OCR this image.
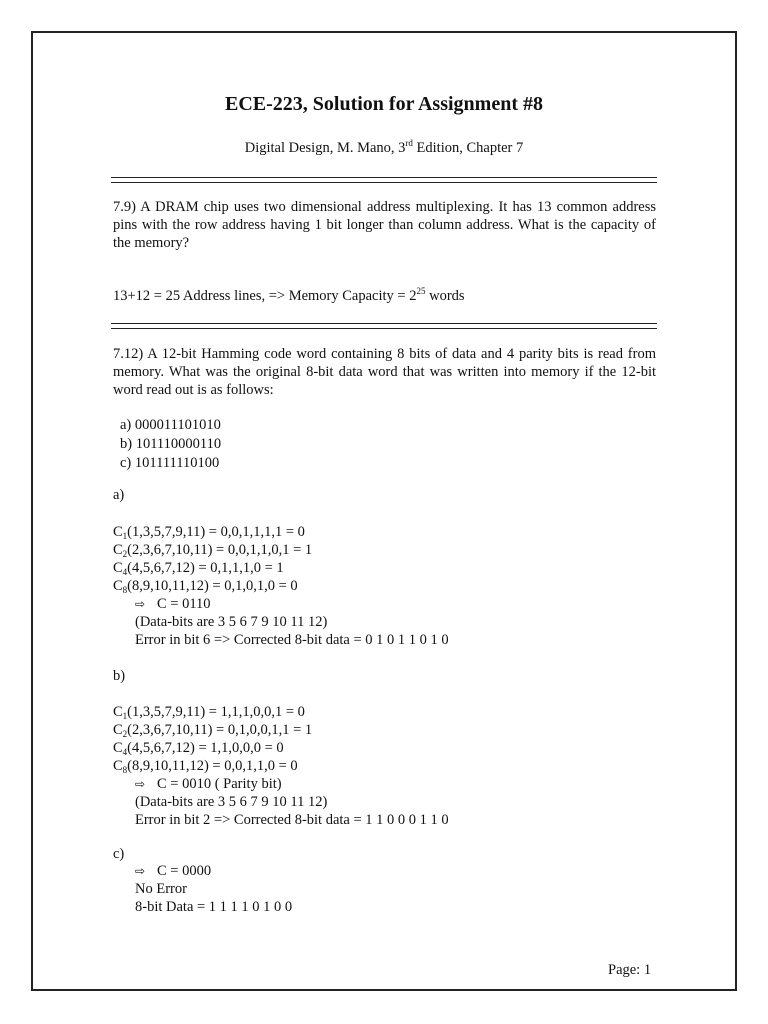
ECE-223, Solution for Assignment #8
Digital Design, M. Mano, 3rd Edition, Chapter 7
7.9) A DRAM chip uses two dimensional address multiplexing. It has 13 common address pins with the row address having 1 bit longer than column address. What is the capacity of the memory?
13+12 = 25 Address lines, => Memory Capacity = $2^{25}$ words
7.12) A 12-bit Hamming code word containing 8 bits of data and 4 parity bits is read from memory. What was the original 8-bit data word that was written into memory if the 12-bit word read out is as follows:
a) 000011101010
b) 101110000110
c) 101111110100
a)
$C_1(1,3,5,7,9,11) = 0,0,1,1,1,1 = 0$
$C_2(2,3,6,7,10,11) = 0,0,1,1,0,1 = 1$
$C_4(4,5,6,7,12) = 0,1,1,1,0 = 1$
$C_8(8,9,10,11,12) = 0,1,0,1,0 = 0$
⇨ C = 0110
(Data-bits are 3 5 6 7 9 10 11 12)
Error in bit 6 => Corrected 8-bit data = 0 1 0 1 1 0 1 0
b)
$C_1(1,3,5,7,9,11) = 1,1,1,0,0,1 = 0$
$C_2(2,3,6,7,10,11) = 0,1,0,0,1,1 = 1$
$C_4(4,5,6,7,12) = 1,1,0,0,0 = 0$
$C_8(8,9,10,11,12) = 0,0,1,1,0 = 0$
⇨ C = 0010 ( Parity bit)
(Data-bits are 3 5 6 7 9 10 11 12)
Error in bit 2 => Corrected 8-bit data = 1 1 0 0 0 1 1 0
c)
⇨ C = 0000
No Error
8-bit Data = 1 1 1 1 0 1 0 0
Page: 1
